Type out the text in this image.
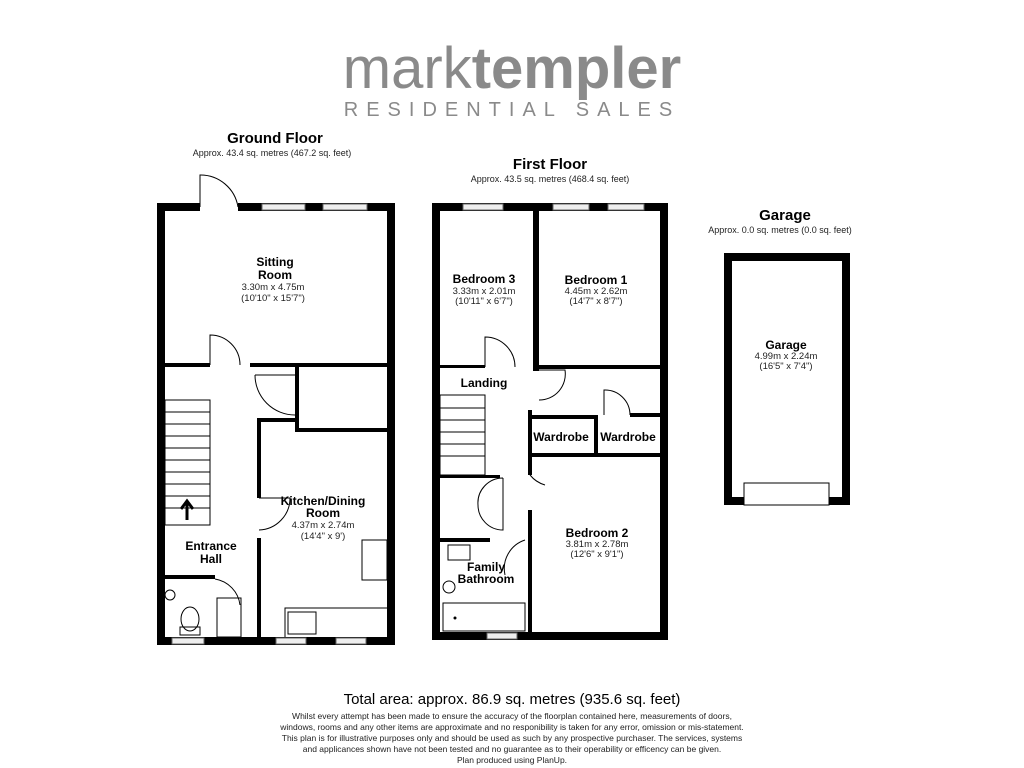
marktempler
RESIDENTIAL SALES
Ground Floor
Approx. 43.4 sq. metres (467.2 sq. feet)
First Floor
Approx. 43.5 sq. metres (468.4 sq. feet)
Garage
Approx. 0.0 sq. metres (0.0 sq. feet)
Sitting
Room
3.30m x 4.75m
(10'10" x 15'7")
Kitchen/Dining
Room
4.37m x 2.74m
(14'4" x 9')
Entrance
Hall
Bedroom 3
3.33m x 2.01m
(10'11" x 6'7")
Bedroom 1
4.45m x 2.62m
(14'7" x 8'7")
Landing
Wardrobe Wardrobe
Bedroom 2
3.81m x 2.78m
(12'6" x 9'1")
Family
Bathroom
Garage
4.99m x 2.24m
(16'5" x 7'4")
Total area: approx. 86.9 sq. metres (935.6 sq. feet)
Whilst every attempt has been made to ensure the accuracy of the floorplan contained here, measurements of doors,
windows, rooms and any other items are approximate and no responibility is taken for any error, omission or mis-statement.
This plan is for illustrative purposes only and should be used as such by any prospective purchaser. The services, systems
and applicances shown have not been tested and no guarantee as to their operability or efficency can be given.
Plan produced using PlanUp.
